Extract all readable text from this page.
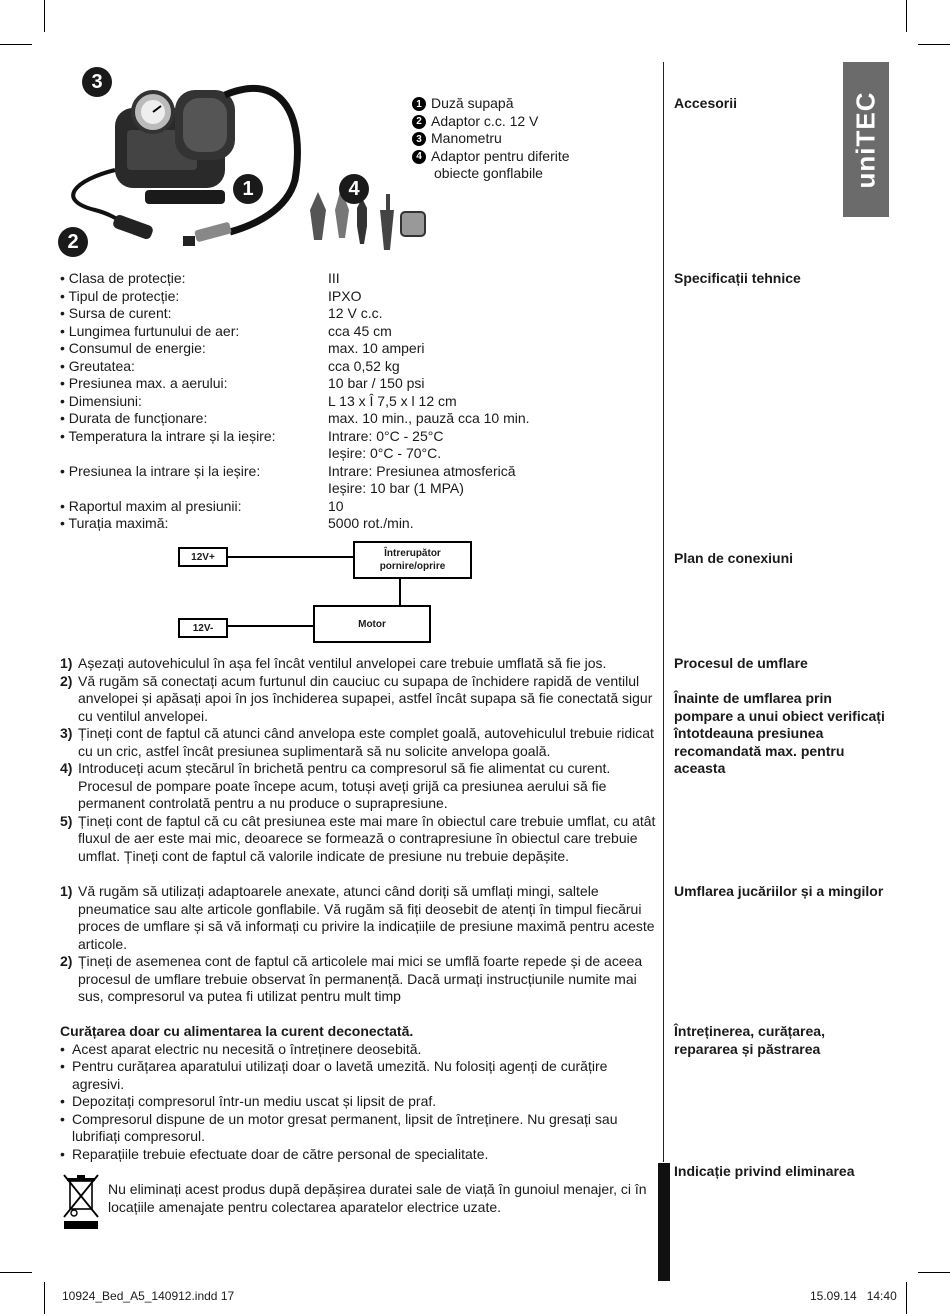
uniTEC
3
1	4
2
1 Duză supapă
2 Adaptor c.c. 12 V
3 Manometru
4 Adaptor pentru diferite
obiecte gonflabile
Accesorii
Specificații tehnice
Plan de conexiuni
Procesul de umflare
Înainte de umflarea prin pompare a unui obiect verificați întotdeauna presiunea recomandată max. pentru aceasta
Umflarea jucăriilor și a mingilor
Întreținerea, curățarea, repararea și păstrarea
Indicație privind eliminarea
• Clasa de protecție:	III
• Tipul de protecție:	IPXO
• Sursa de curent:	12 V c.c.
• Lungimea furtunului de aer:	cca 45 cm
• Consumul de energie:	max. 10 amperi
• Greutatea:	cca 0,52 kg
• Presiunea max. a aerului:	10 bar / 150 psi
• Dimensiuni:	L 13 x Î 7,5 x l 12 cm
• Durata de funcționare:	max. 10 min., pauză cca 10 min.
• Temperatura la intrare și la ieșire:	Intrare: 0°C - 25°C
Ieșire: 0°C - 70°C.
• Presiunea la intrare și la ieșire:	Intrare: Presiunea atmosferică
Ieșire: 10 bar (1 MPA)
• Raportul maxim al presiunii:	10
• Turația maximă:	5000 rot./min.
12V+
12V-
Întrerupător
pornire/oprire
Motor
1) Așezați autovehiculul în așa fel încât ventilul anvelopei care trebuie umflată să fie jos.
2) Vă rugăm să conectați acum furtunul din cauciuc cu supapa de închidere rapidă de ventilul anvelopei și apăsați apoi în jos închiderea supapei, astfel încât supapa să fie conectată sigur cu ventilul anvelopei.
3) Țineți cont de faptul că atunci când anvelopa este complet goală, autovehiculul trebuie ridicat cu un cric, astfel încât presiunea suplimentară să nu solicite anvelopa goală.
4) Introduceți acum ștecărul în brichetă pentru ca compresorul să fie alimentat cu curent. Procesul de pompare poate începe acum, totuși aveți grijă ca presiunea aerului să fie permanent controlată pentru a nu produce o suprapresiune.
5) Țineți cont de faptul că cu cât presiunea este mai mare în obiectul care trebuie umflat, cu atât fluxul de aer este mai mic, deoarece se formează o contrapresiune în obiectul care trebuie umflat. Țineți cont de faptul că valorile indicate de presiune nu trebuie depășite.
1) Vă rugăm să utilizați adaptoarele anexate, atunci când doriți să umflați mingi, saltele pneumatice sau alte articole gonflabile. Vă rugăm să fiți deosebit de atenți în timpul fiecărui proces de umflare și să vă informați cu privire la indicațiile de presiune maximă pentru aceste articole.
2) Țineți de asemenea cont de faptul că articolele mai mici se umflă foarte repede și de aceea procesul de umflare trebuie observat în permanență. Dacă urmați instrucțiunile numite mai sus, compresorul va putea fi utilizat pentru mult timp
Curățarea doar cu alimentarea la curent deconectată.
• Acest aparat electric nu necesită o întreținere deosebită.
• Pentru curățarea aparatului utilizați doar o lavetă umezită. Nu folosiți agenți de curățire agresivi.
• Depozitați compresorul într-un mediu uscat și lipsit de praf.
• Compresorul dispune de un motor gresat permanent, lipsit de întreținere. Nu gresați sau lubrifiați compresorul.
• Reparațiile trebuie efectuate doar de către personal de specialitate.
Nu eliminați acest produs după depășirea duratei sale de viață în gunoiul menajer, ci în locațiile amenajate pentru colectarea aparatelor electrice uzate.
10924_Bed_A5_140912.indd 17	15.09.14   14:40
